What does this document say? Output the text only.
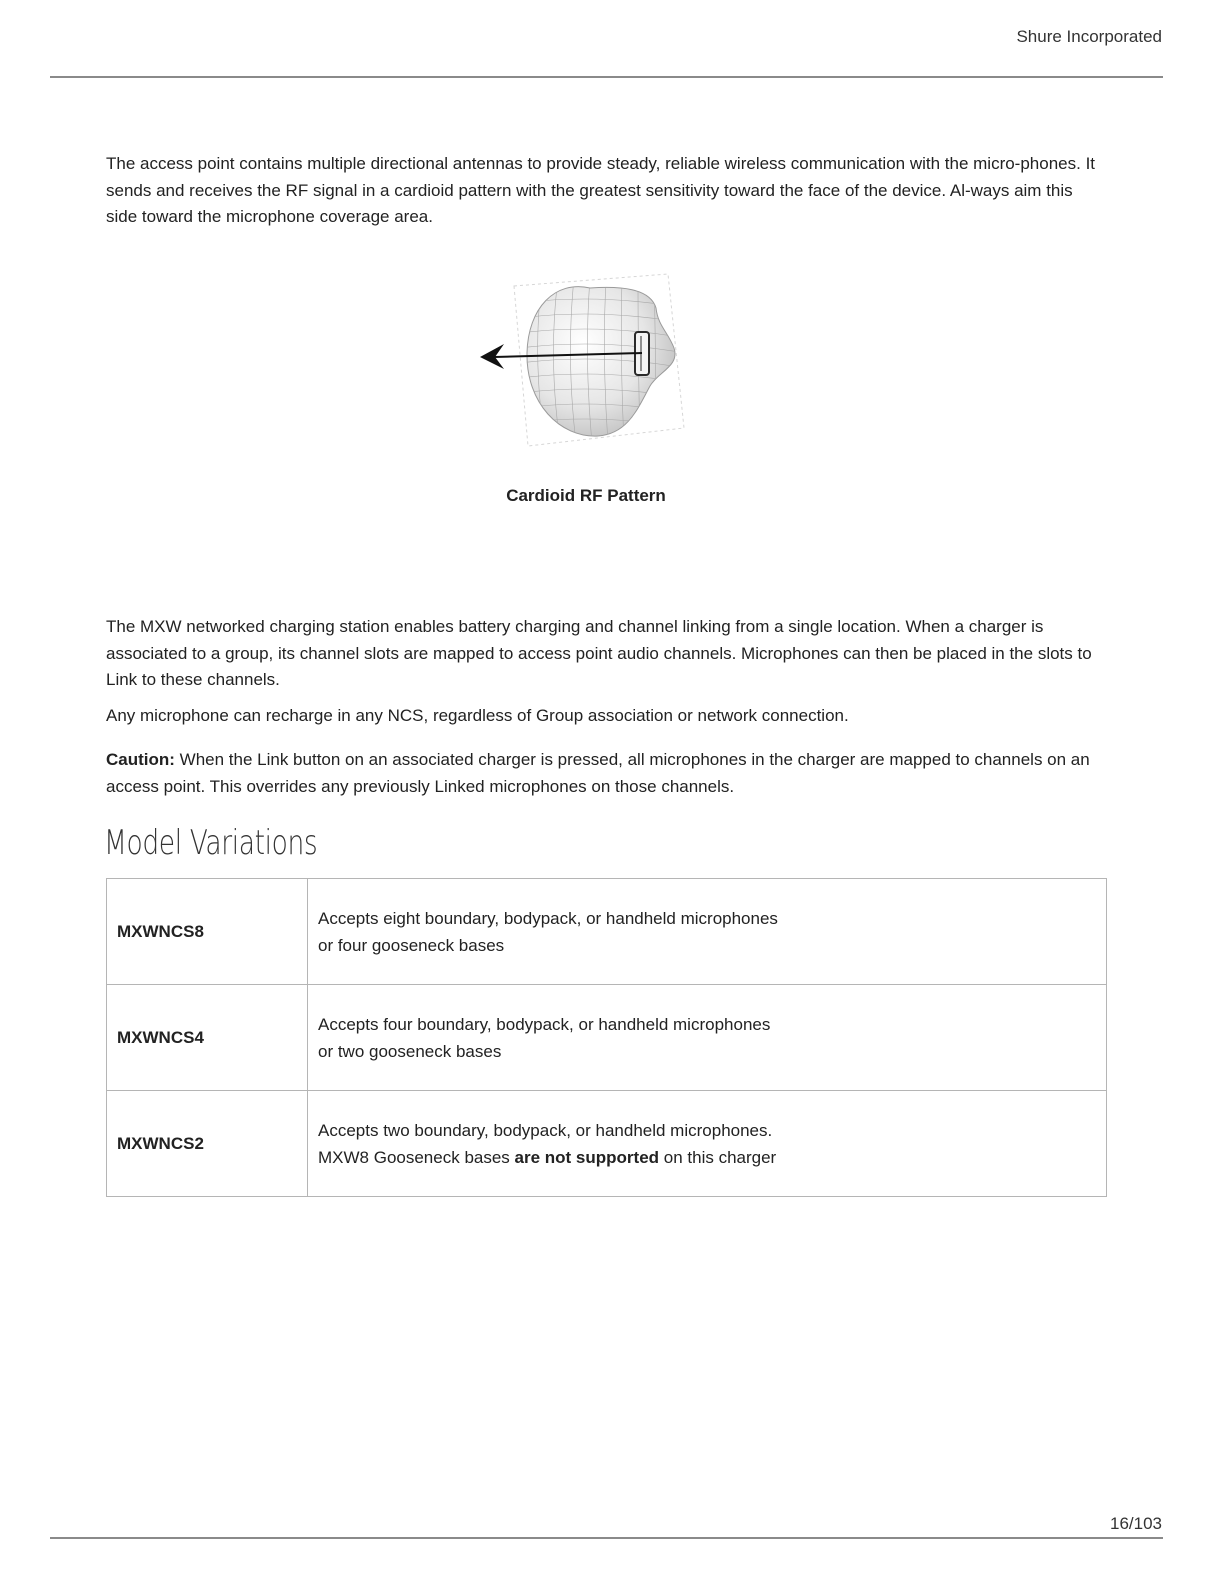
Shure Incorporated

The access point contains multiple directional antennas to provide steady, reliable wireless communication with the micro-phones. It sends and receives the RF signal in a cardioid pattern with the greatest sensitivity toward the face of the device. Al-ways aim this side toward the microphone coverage area.

Cardioid RF Pattern

The MXW networked charging station enables battery charging and channel linking from a single location. When a charger is associated to a group, its channel slots are mapped to access point audio channels. Microphones can then be placed in the slots to Link to these channels.

Any microphone can recharge in any NCS, regardless of Group association or network connection.

Caution: When the Link button on an associated charger is pressed, all microphones in the charger are mapped to channels on an access point. This overrides any previously Linked microphones on those channels.

Model Variations
MXWNCS8	Accepts eight boundary, bodypack, or handheld microphones
or four gooseneck bases
MXWNCS4	Accepts four boundary, bodypack, or handheld microphones
or two gooseneck bases
MXWNCS2	Accepts two boundary, bodypack, or handheld microphones.
MXW8 Gooseneck bases are not supported on this charger
16/103
